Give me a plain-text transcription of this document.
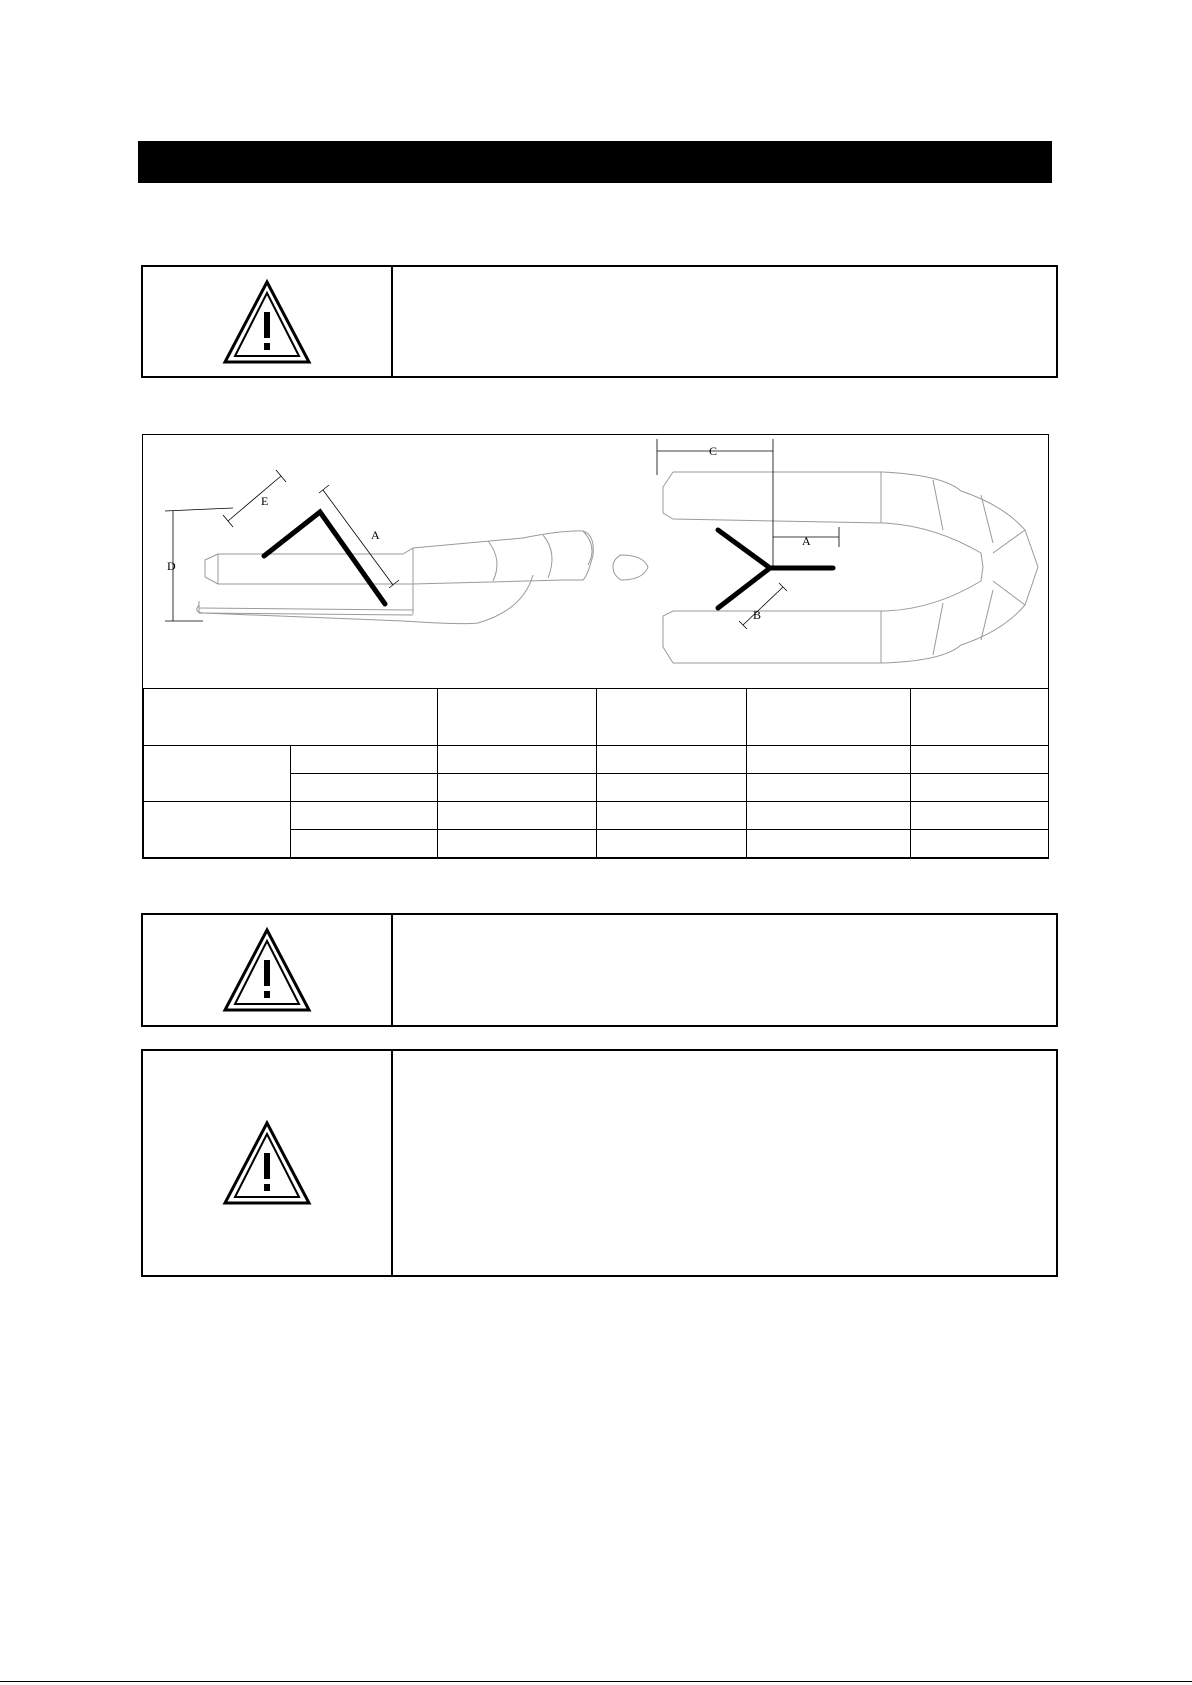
D
E
A
C
A
B
